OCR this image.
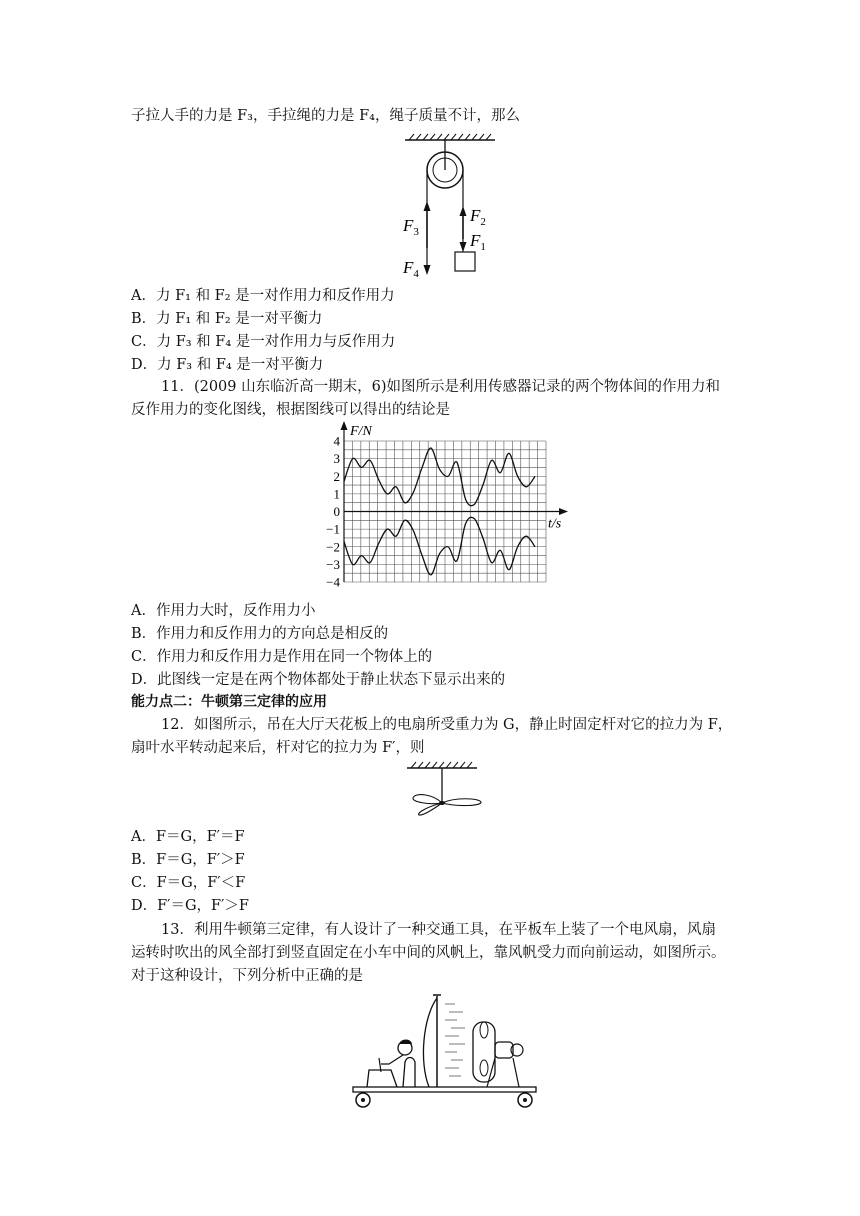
子拉人手的力是 F₃，手拉绳的力是 F₄，绳子质量不计，那么
$F_3$
$F_4$
$F_2$
$F_1$
A．力 F₁ 和 F₂ 是一对作用力和反作用力
B．力 F₁ 和 F₂ 是一对平衡力
C．力 F₃ 和 F₄ 是一对作用力与反作用力
D．力 F₃ 和 F₄ 是一对平衡力
11．(2009 山东临沂高一期末，6)如图所示是利用传感器记录的两个物体间的作用力和
反作用力的变化图线，根据图线可以得出的结论是
4
3
2
1
0
−1
−2
−3
−4
F/N
t/s
A．作用力大时，反作用力小
B．作用力和反作用力的方向总是相反的
C．作用力和反作用力是作用在同一个物体上的
D．此图线一定是在两个物体都处于静止状态下显示出来的
能力点二：牛顿第三定律的应用
12．如图所示，吊在大厅天花板上的电扇所受重力为 G，静止时固定杆对它的拉力为 F，
扇叶水平转动起来后，杆对它的拉力为 F′，则
A．F＝G，F′＝F
B．F＝G，F′＞F
C．F＝G，F′＜F
D．F′＝G，F′＞F
13．利用牛顿第三定律，有人设计了一种交通工具，在平板车上装了一个电风扇，风扇
运转时吹出的风全部打到竖直固定在小车中间的风帆上，靠风帆受力而向前运动，如图所示。
对于这种设计，下列分析中正确的是
